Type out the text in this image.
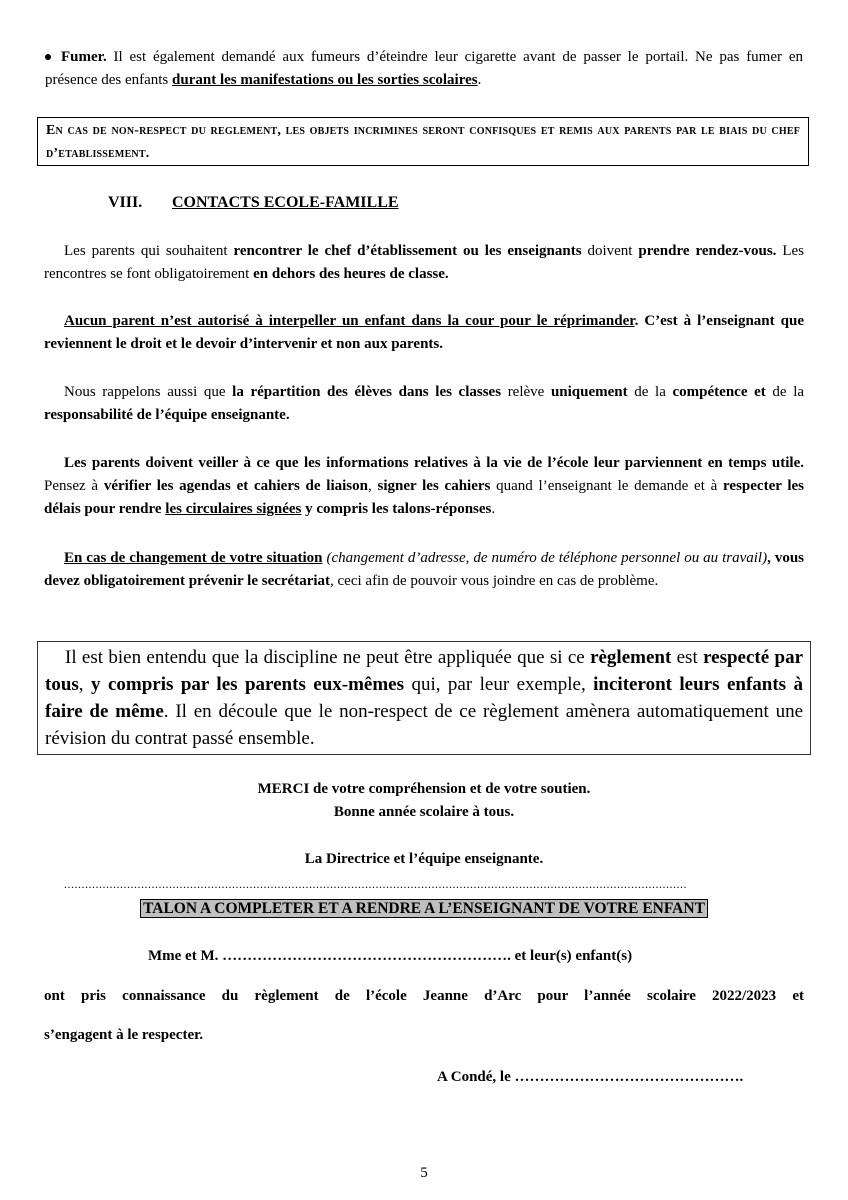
Fumer. Il est également demandé aux fumeurs d’éteindre leur cigarette avant de passer le portail. Ne pas fumer en présence des enfants durant les manifestations ou les sorties scolaires.
En cas de non-respect du reglement, les objets incrimines seront confisques et remis aux parents par le biais du chef d’etablissement.
VIII. CONTACTS ECOLE-FAMILLE
Les parents qui souhaitent rencontrer le chef d’établissement ou les enseignants doivent prendre rendez-vous. Les rencontres se font obligatoirement en dehors des heures de classe.
Aucun parent n’est autorisé à interpeller un enfant dans la cour pour le réprimander. C’est à l’enseignant que reviennent le droit et le devoir d’intervenir et non aux parents.
Nous rappelons aussi que la répartition des élèves dans les classes relève uniquement de la compétence et de la responsabilité de l’équipe enseignante.
Les parents doivent veiller à ce que les informations relatives à la vie de l’école leur parviennent en temps utile. Pensez à vérifier les agendas et cahiers de liaison, signer les cahiers quand l’enseignant le demande et à respecter les délais pour rendre les circulaires signées y compris les talons-réponses.
En cas de changement de votre situation (changement d’adresse, de numéro de téléphone personnel ou au travail), vous devez obligatoirement prévenir le secrétariat, ceci afin de pouvoir vous joindre en cas de problème.
Il est bien entendu que la discipline ne peut être appliquée que si ce règlement est respecté par tous, y compris par les parents eux-mêmes qui, par leur exemple, inciteront leurs enfants à faire de même. Il en découle que le non-respect de ce règlement amènera automatiquement une révision du contrat passé ensemble.
MERCI de votre compréhension et de votre soutien.
Bonne année scolaire à tous.
La Directrice et l’équipe enseignante.
..................................................................................................................................................................................
TALON A COMPLETER ET A RENDRE A L’ENSEIGNANT DE VOTRE ENFANT
Mme et M. …………………………………………………. et leur(s) enfant(s)
ont pris connaissance du règlement de l’école Jeanne d’Arc pour l’année scolaire 2022/2023 et
s’engagent à le respecter.
A Condé, le ……………………………………….
5
